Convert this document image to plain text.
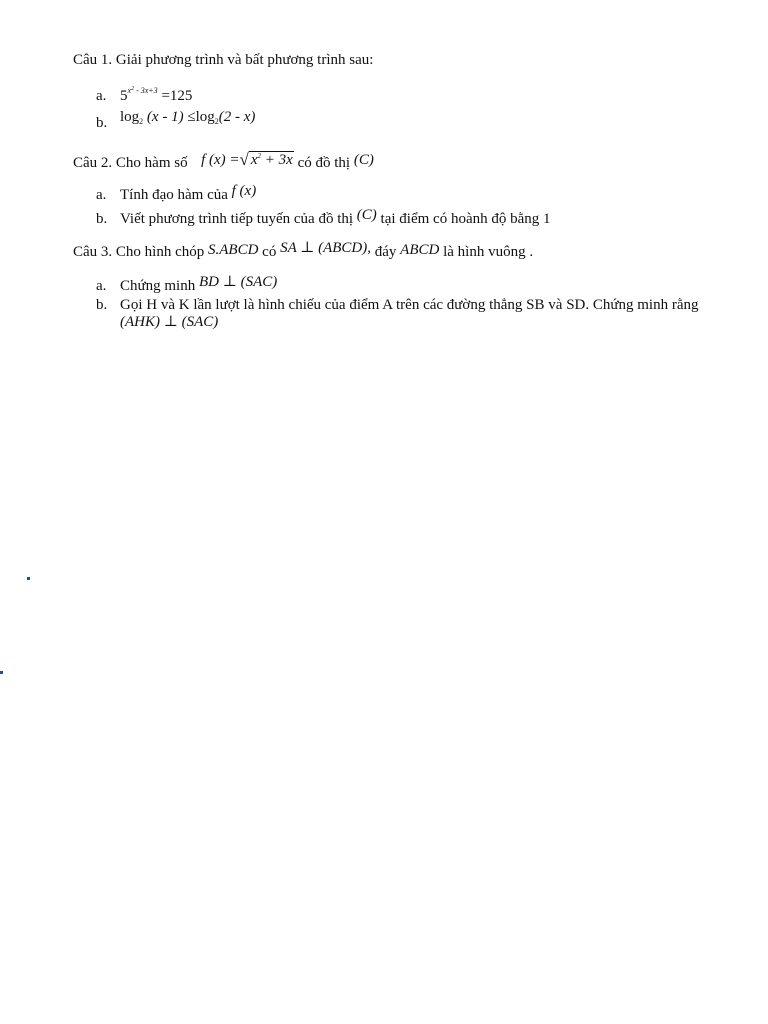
Câu 1. Giải phương trình và bất phương trình sau:
a. $5^{x^2 - 3x+3} =125$
b. $\log_2 (x - 1) \le\log_2(2 - x)$
Câu 2. Cho hàm số f (x) =√ $x^2 + 3x$ có đồ thị (C)
a. Tính đạo hàm của f (x)
b. Viết phương trình tiếp tuyến của đồ thị (C) tại điểm có hoành độ bằng 1
Câu 3. Cho hình chóp S.ABCD có SA ⊥ (ABCD), đáy ABCD là hình vuông .
a. Chứng minh BD ⊥ (SAC)
b. Gọi H và K lần lượt là hình chiếu của điểm A trên các đường thẳng SB và SD. Chứng minh rằng
(AHK) ⊥ (SAC)
